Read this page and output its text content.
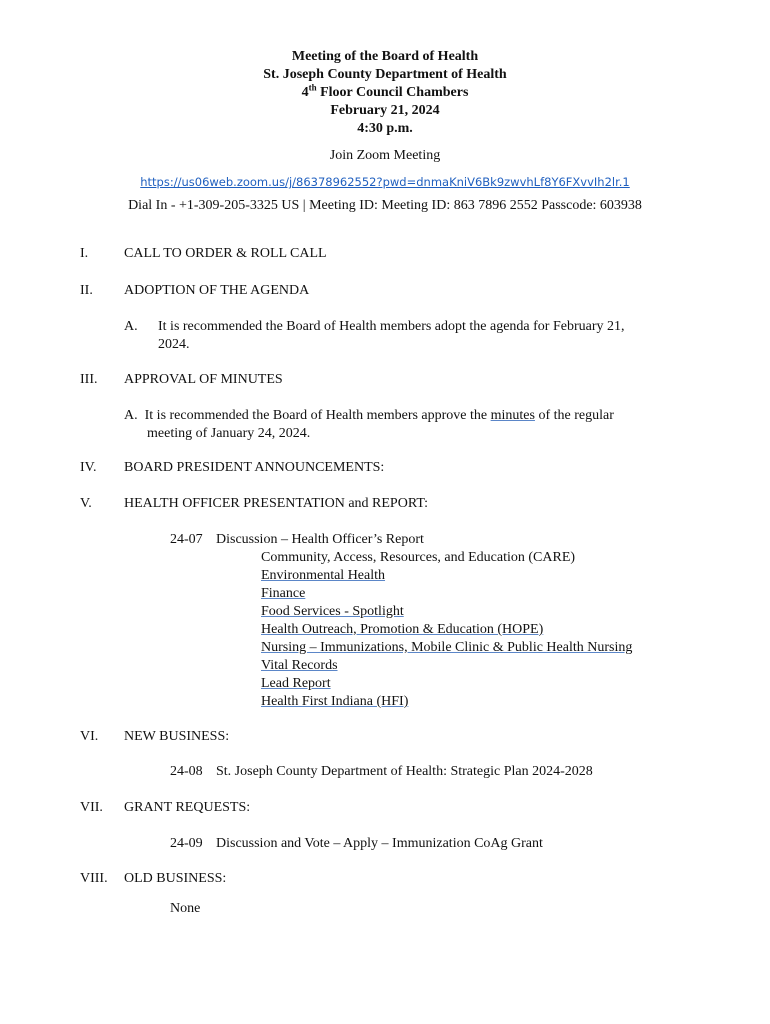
Meeting of the Board of Health
St. Joseph County Department of Health
4th Floor Council Chambers
February 21, 2024
4:30 p.m.
Join Zoom Meeting
https://us06web.zoom.us/j/86378962552?pwd=dnmaKniV6Bk9zwvhLf8Y6FXvvIh2lr.1
Dial In - +1-309-205-3325 US | Meeting ID: Meeting ID: 863 7896 2552 Passcode: 603938
I.	CALL TO ORDER & ROLL CALL
II. ADOPTION OF THE AGENDA
A. It is recommended the Board of Health members adopt the agenda for February 21,
2024.
III. APPROVAL OF MINUTES
A. It is recommended the Board of Health members approve the minutes of the regular
meeting of January 24, 2024.
IV. BOARD PRESIDENT ANNOUNCEMENTS:
V. HEALTH OFFICER PRESENTATION and REPORT:
24-07 Discussion – Health Officer’s Report
Community, Access, Resources, and Education (CARE)
Environmental Health
Finance
Food Services - Spotlight
Health Outreach, Promotion & Education (HOPE)
Nursing – Immunizations, Mobile Clinic & Public Health Nursing
Vital Records
Lead Report
Health First Indiana (HFI)
VI. NEW BUSINESS:
24-08 St. Joseph County Department of Health: Strategic Plan 2024-2028
VII. GRANT REQUESTS:
24-09 Discussion and Vote – Apply – Immunization CoAg Grant
VIII. OLD BUSINESS:
None
